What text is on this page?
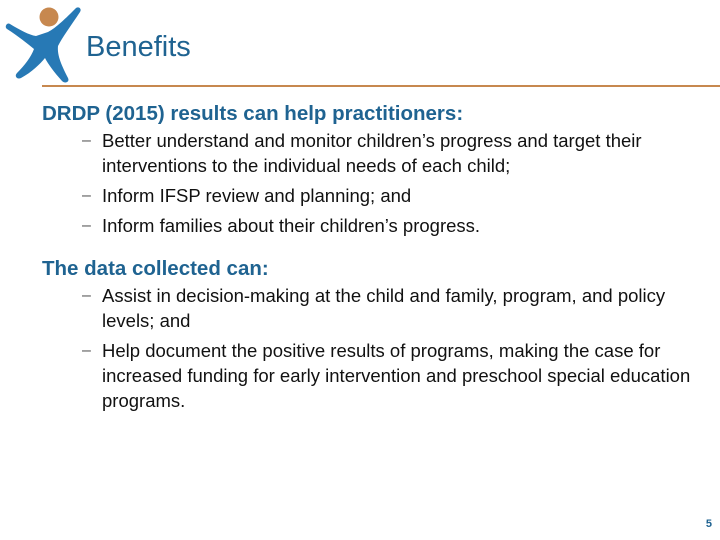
Benefits
DRDP (2015) results can help practitioners:
– Better understand and monitor children’s progress and target their interventions to the individual needs of each child;
– Inform IFSP review and planning; and
– Inform families about their children’s progress.
The data collected can:
– Assist in decision-making at the child and family, program, and policy levels; and
– Help document the positive results of programs, making the case for increased funding for early intervention and preschool special education programs.
5
